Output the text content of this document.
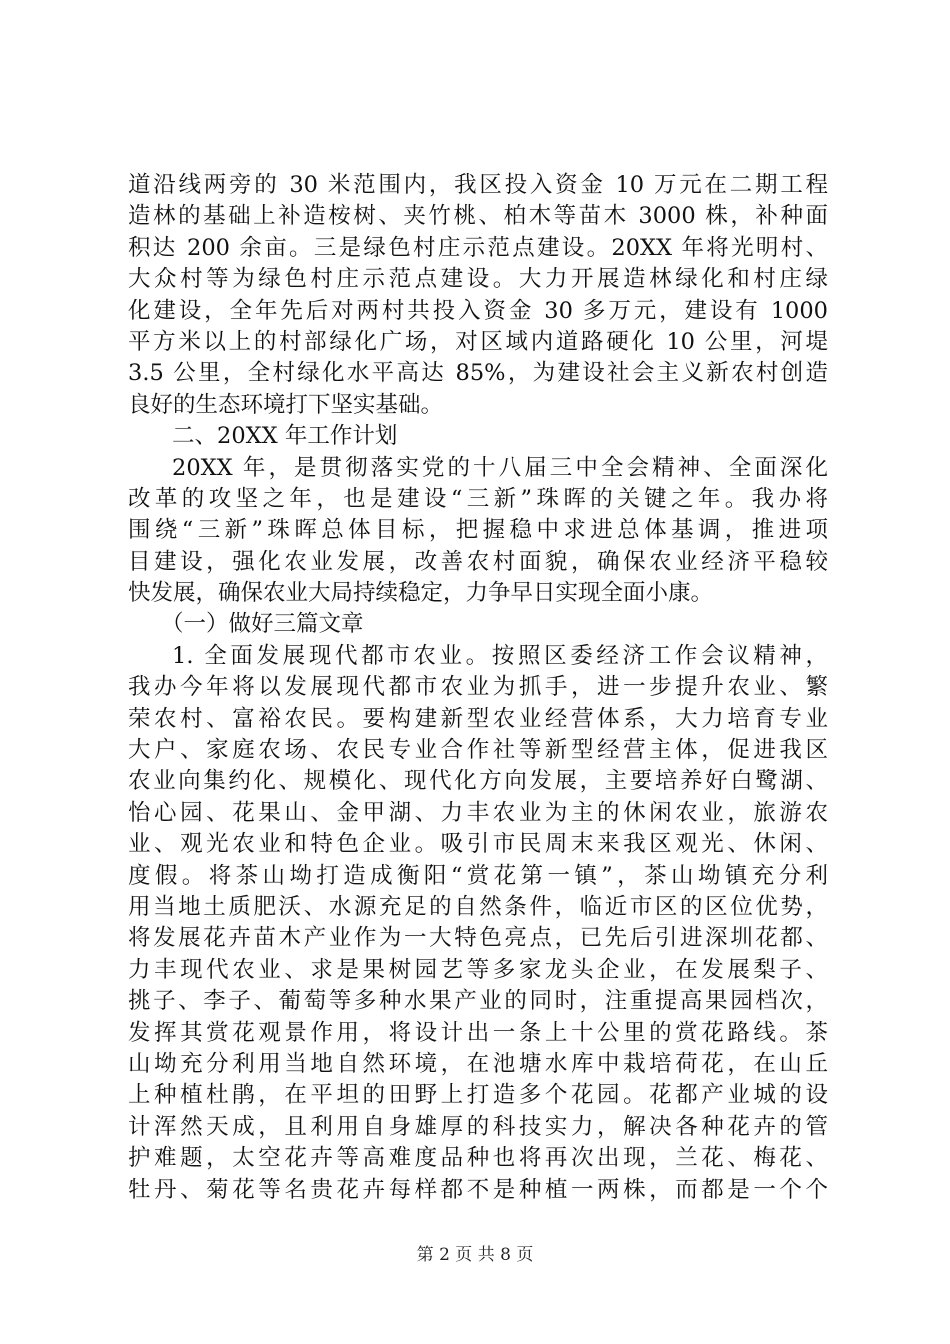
道沿线两旁的 30 米范围内，我区投入资金 10 万元在二期工程
造林的基础上补造桉树、夹竹桃、柏木等苗木 3000 株，补种面
积达 200 余亩。三是绿色村庄示范点建设。20XX 年将光明村、
大众村等为绿色村庄示范点建设。大力开展造林绿化和村庄绿
化建设，全年先后对两村共投入资金 30 多万元，建设有 1000
平方米以上的村部绿化广场，对区域内道路硬化 10 公里，河堤
3.5 公里，全村绿化水平高达 85%，为建设社会主义新农村创造
良好的生态环境打下坚实基础。
二、20XX 年工作计划
20XX 年，是贯彻落实党的十八届三中全会精神、全面深化
改革的攻坚之年，也是建设“三新”珠晖的关键之年。我办将
围绕“三新”珠晖总体目标，把握稳中求进总体基调，推进项
目建设，强化农业发展，改善农村面貌，确保农业经济平稳较
快发展，确保农业大局持续稳定，力争早日实现全面小康。
（一）做好三篇文章
1. 全面发展现代都市农业。按照区委经济工作会议精神，
我办今年将以发展现代都市农业为抓手，进一步提升农业、繁
荣农村、富裕农民。要构建新型农业经营体系，大力培育专业
大户、家庭农场、农民专业合作社等新型经营主体，促进我区
农业向集约化、规模化、现代化方向发展，主要培养好白鹭湖、
怡心园、花果山、金甲湖、力丰农业为主的休闲农业，旅游农
业、观光农业和特色企业。吸引市民周末来我区观光、休闲、
度假。将茶山坳打造成衡阳“赏花第一镇”，茶山坳镇充分利
用当地土质肥沃、水源充足的自然条件，临近市区的区位优势，
将发展花卉苗木产业作为一大特色亮点，已先后引进深圳花都、
力丰现代农业、求是果树园艺等多家龙头企业，在发展梨子、
挑子、李子、葡萄等多种水果产业的同时，注重提高果园档次，
发挥其赏花观景作用，将设计出一条上十公里的赏花路线。茶
山坳充分利用当地自然环境，在池塘水库中栽培荷花，在山丘
上种植杜鹃，在平坦的田野上打造多个花园。花都产业城的设
计浑然天成，且利用自身雄厚的科技实力，解决各种花卉的管
护难题，太空花卉等高难度品种也将再次出现，兰花、梅花、
牡丹、菊花等名贵花卉每样都不是种植一两株，而都是一个个
第 2 页 共 8 页
